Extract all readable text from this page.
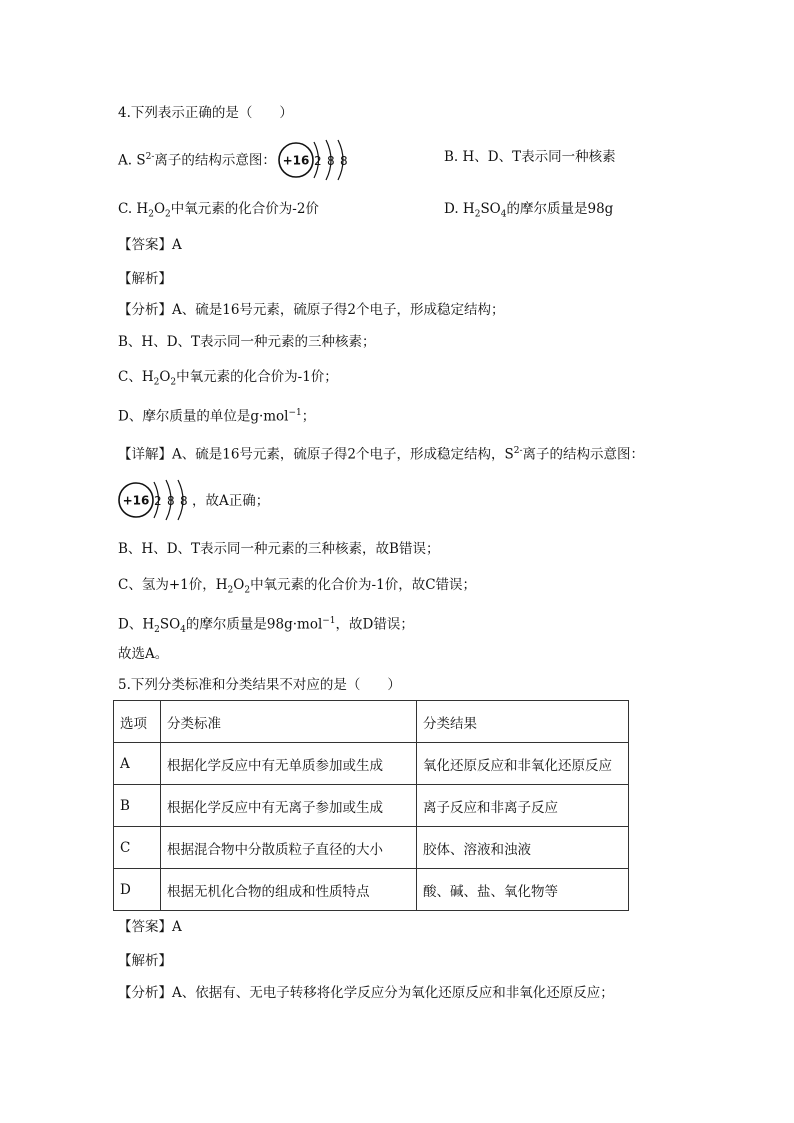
4.下列表示正确的是（　　）
A. $S^{2-}$离子的结构示意图： +16 2 8 8	B. H、D、T表示同一种核素
C. $H_2O_2$中氧元素的化合价为-2价	D. $H_2SO_4$的摩尔质量是98g
【答案】A
【解析】
【分析】A、硫是16号元素，硫原子得2个电子，形成稳定结构；
B、H、D、T表示同一种元素的三种核素；
C、$H_2O_2$中氧元素的化合价为-1价；
D、摩尔质量的单位是g·mol$^{-1}$；
【详解】A、硫是16号元素，硫原子得2个电子，形成稳定结构，$S^{2-}$离子的结构示意图：
+16 2 8 8 ，故A正确；
B、H、D、T表示同一种元素的三种核素，故B错误；
C、氢为+1价，$H_2O_2$中氧元素的化合价为-1价，故C错误；
D、$H_2SO_4$的摩尔质量是98g·mol$^{-1}$，故D错误；
故选A。
5.下列分类标准和分类结果不对应的是（　　）
选项	分类标准	分类结果
A	根据化学反应中有无单质参加或生成	氧化还原反应和非氧化还原反应
B	根据化学反应中有无离子参加或生成	离子反应和非离子反应
C	根据混合物中分散质粒子直径的大小	胶体、溶液和浊液
D	根据无机化合物的组成和性质特点	酸、碱、盐、氧化物等
【答案】A
【解析】
【分析】A、依据有、无电子转移将化学反应分为氧化还原反应和非氧化还原反应；
